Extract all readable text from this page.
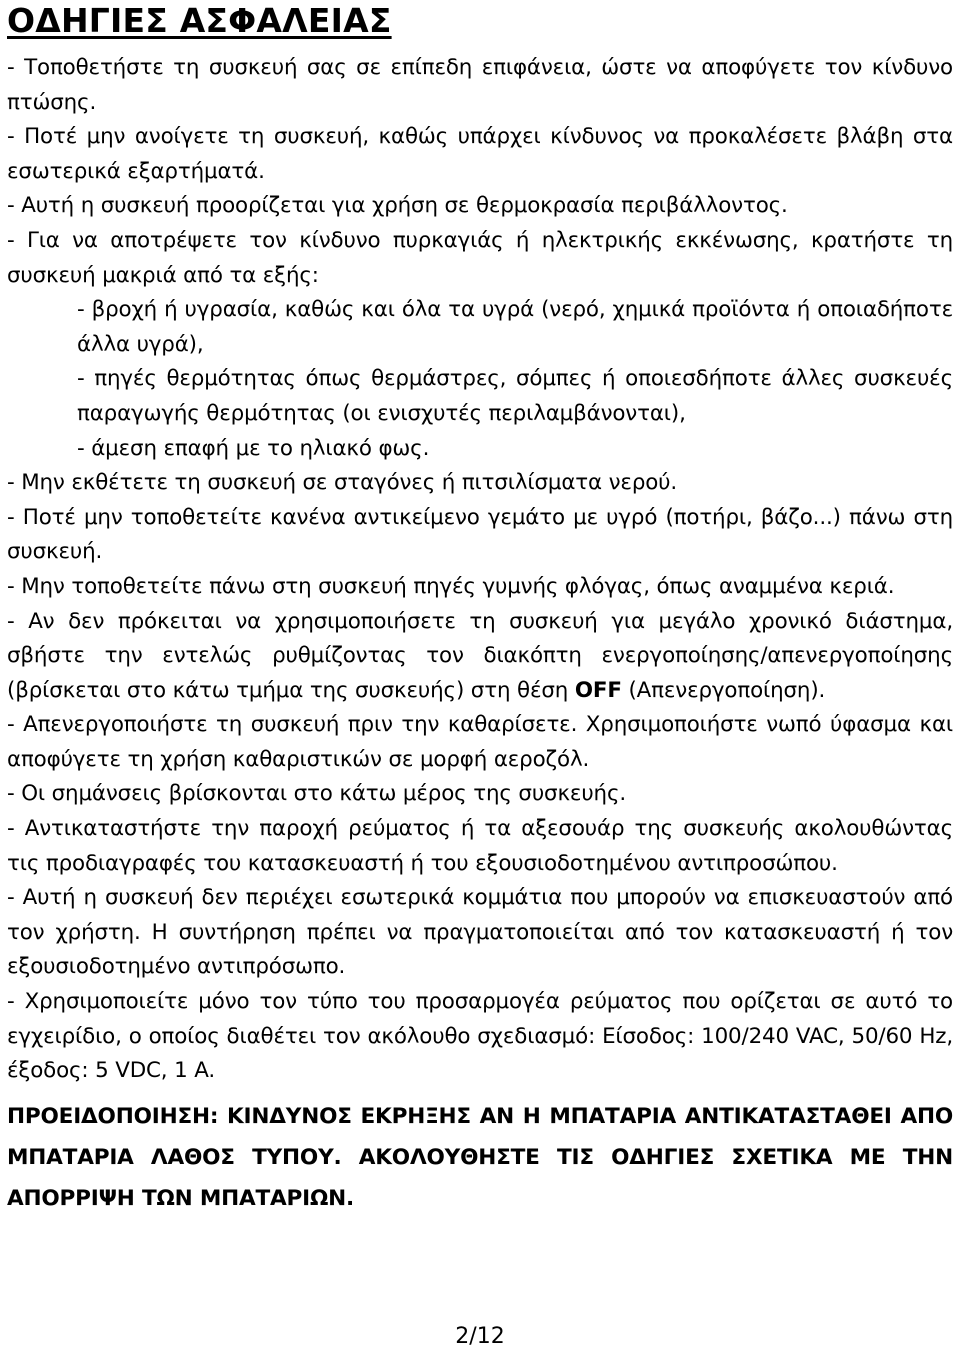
ΟΔΗΓΙΕΣ ΑΣΦΑΛΕΙΑΣ

- Τοποθετήστε τη συσκευή σας σε επίπεδη επιφάνεια, ώστε να αποφύγετε τον κίνδυνο πτώσης.

- Ποτέ μην ανοίγετε τη συσκευή, καθώς υπάρχει κίνδυνος να προκαλέσετε βλάβη στα εσωτερικά εξαρτήματά.

- Αυτή η συσκευή προορίζεται για χρήση σε θερμοκρασία περιβάλλοντος.

- Για να αποτρέψετε τον κίνδυνο πυρκαγιάς ή ηλεκτρικής εκκένωσης, κρατήστε τη συσκευή μακριά από τα εξής:

- βροχή ή υγρασία, καθώς και όλα τα υγρά (νερό, χημικά προϊόντα ή οποιαδήποτε άλλα υγρά),

- πηγές θερμότητας όπως θερμάστρες, σόμπες ή οποιεσδήποτε άλλες συσκευές παραγωγής θερμότητας (οι ενισχυτές περιλαμβάνονται),

- άμεση επαφή με το ηλιακό φως.

- Μην εκθέτετε τη συσκευή σε σταγόνες ή πιτσιλίσματα νερού.

- Ποτέ μην τοποθετείτε κανένα αντικείμενο γεμάτο με υγρό (ποτήρι, βάζο...) πάνω στη συσκευή.

- Μην τοποθετείτε πάνω στη συσκευή πηγές γυμνής φλόγας, όπως αναμμένα κεριά.

- Αν δεν πρόκειται να χρησιμοποιήσετε τη συσκευή για μεγάλο χρονικό διάστημα, σβήστε την εντελώς ρυθμίζοντας τον διακόπτη ενεργοποίησης/απενεργοποίησης (βρίσκεται στο κάτω τμήμα της συσκευής) στη θέση OFF (Απενεργοποίηση).

- Απενεργοποιήστε τη συσκευή πριν την καθαρίσετε. Χρησιμοποιήστε νωπό ύφασμα και αποφύγετε τη χρήση καθαριστικών σε μορφή αεροζόλ.

- Οι σημάνσεις βρίσκονται στο κάτω μέρος της συσκευής.

- Αντικαταστήστε την παροχή ρεύματος ή τα αξεσουάρ της συσκευής ακολουθώντας τις προδιαγραφές του κατασκευαστή ή του εξουσιοδοτημένου αντιπροσώπου.

- Αυτή η συσκευή δεν περιέχει εσωτερικά κομμάτια που μπορούν να επισκευαστούν από τον χρήστη. Η συντήρηση πρέπει να πραγματοποιείται από τον κατασκευαστή ή τον εξουσιοδοτημένο αντιπρόσωπο.

- Χρησιμοποιείτε μόνο τον τύπο του προσαρμογέα ρεύματος που ορίζεται σε αυτό το εγχειρίδιο, ο οποίος διαθέτει τον ακόλουθο σχεδιασμό: Είσοδος: 100/240 VAC, 50/60 Hz, έξοδος: 5 VDC, 1 A.

ΠΡΟΕΙΔΟΠΟΙΗΣΗ: ΚΙΝΔΥΝΟΣ ΕΚΡΗΞΗΣ ΑΝ Η ΜΠΑΤΑΡΙΑ ΑΝΤΙΚΑΤΑΣΤΑΘΕΙ ΑΠΟ ΜΠΑΤΑΡΙΑ ΛΑΘΟΣ ΤΥΠΟΥ. ΑΚΟΛΟΥΘΗΣΤΕ ΤΙΣ ΟΔΗΓΙΕΣ ΣΧΕΤΙΚΑ ΜΕ ΤΗΝ ΑΠΟΡΡΙΨΗ ΤΩΝ ΜΠΑΤΑΡΙΩΝ.

2/12
